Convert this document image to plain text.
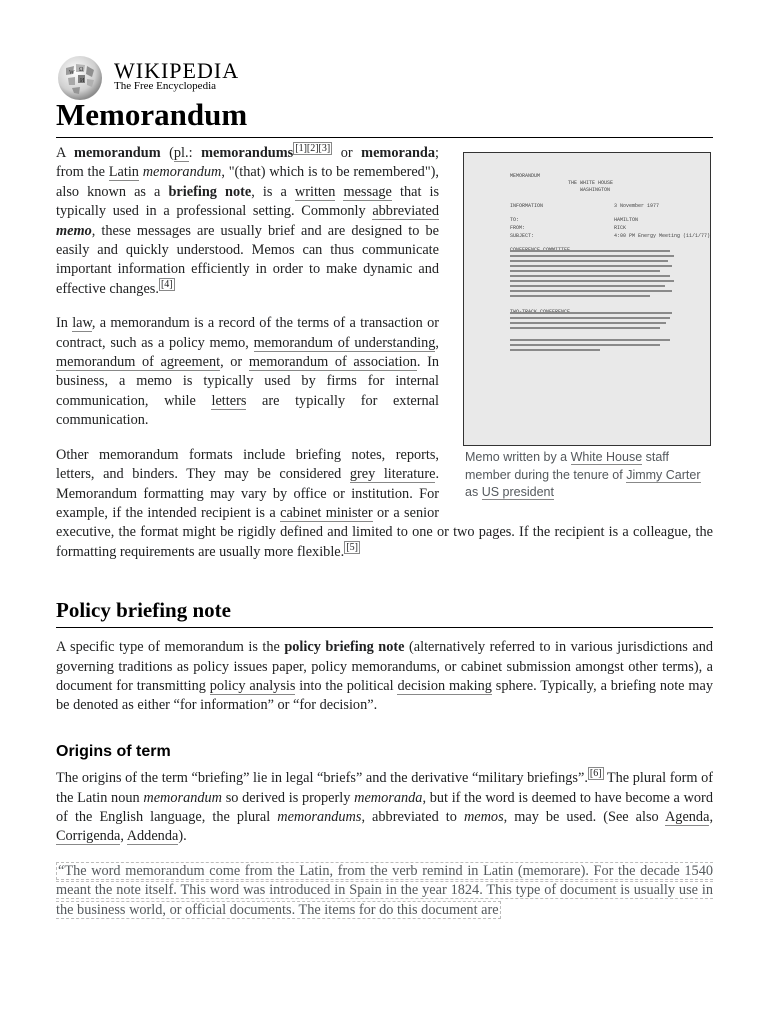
W Ω
И WIKIPEDIA
The Free Encyclopedia
Memorandum
MEMORANDUM
THE WHITE HOUSE
WASHINGTON
INFORMATION	3 November 1977
TO:	HAMILTON
FROM:	RICK
SUBJECT:	4:00 PM Energy Meeting (11/1/77)
Memo written by a White House staff member during the tenure of Jimmy Carter as US president

A memorandum (pl.: memorandums [1][2][3] or memoranda; from the Latin memorandum, "(that) which is to be remembered"), also known as a briefing note, is a written message that is typically used in a professional setting. Commonly abbreviated memo, these messages are usually brief and are designed to be easily and quickly understood. Memos can thus communicate important information efficiently in order to make dynamic and effective changes. [4]

In law, a memorandum is a record of the terms of a transaction or contract, such as a policy memo, memorandum of understanding, memorandum of agreement, or memorandum of association. In business, a memo is typically used by firms for internal communication, while letters are typically for external communication.

Other memorandum formats include briefing notes, reports, letters, and binders. They may be considered grey literature. Memorandum formatting may vary by office or institution. For example, if the intended recipient is a cabinet minister or a senior executive, the format might be rigidly defined and limited to one or two pages. If the recipient is a colleague, the formatting requirements are usually more flexible. [5]

Policy briefing note

A specific type of memorandum is the policy briefing note (alternatively referred to in various jurisdictions and governing traditions as policy issues paper, policy memorandums, or cabinet submission amongst other terms), a document for transmitting policy analysis into the political decision making sphere. Typically, a briefing note may be denoted as either “for information” or “for decision”.

Origins of term

The origins of the term “briefing” lie in legal “briefs” and the derivative “military briefings”. [6] The plural form of the Latin noun memorandum so derived is properly memoranda, but if the word is deemed to have become a word of the English language, the plural memorandums, abbreviated to memos, may be used. (See also Agenda, Corrigenda, Addenda).

“The word memorandum come from the Latin, from the verb remind in Latin (memorare). For the decade 1540 meant the note itself. This word was introduced in Spain in the year 1824. This type of document is usually use in the business world, or official documents. The items for do this document are
